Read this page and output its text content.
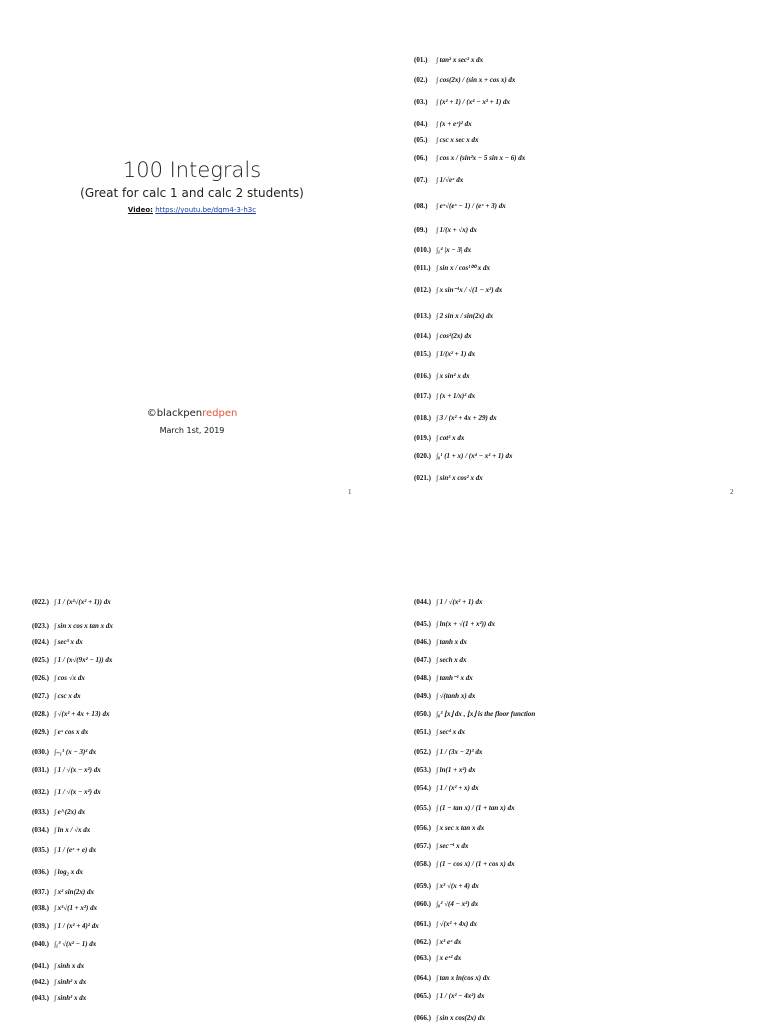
100 Integrals
(Great for calc 1 and calc 2 students)
Video: https://youtu.be/dgm4-3-h3c
©blackpenredpen
March 1st, 2019
1
(01.) ∫ tan² x sec² x dx
(02.) ∫ cos(2x) / (sin x + cos x) dx
(03.) ∫ (x² + 1) / (x⁴ − x² + 1) dx
(04.) ∫ (x + eˣ)² dx
(05.) ∫ csc x sec x dx
(06.) ∫ cos x / (sin²x − 5 sin x − 6) dx
(07.) ∫ 1/√eˣ dx
(08.) ∫ eˣ√(eˣ − 1) / (eˣ + 3) dx
(09.) ∫ 1/(x + √x) dx
(010.) ∫₁⁴ |x − 3| dx
(011.) ∫ sin x / cos¹⁰⁰ x dx
(012.) ∫ x sin⁻¹x / √(1 − x²) dx
(013.) ∫ 2 sin x / sin(2x) dx
(014.) ∫ cos²(2x) dx
(015.) ∫ 1/(x² + 1) dx
(016.) ∫ x sin² x dx
(017.) ∫ (x + 1/x)² dx
(018.) ∫ 3 / (x² + 4x + 29) dx
(019.) ∫ cot² x dx
(020.) ∫₀¹ (1 + x) / (x⁴ − x² + 1) dx
(021.) ∫ sin³ x cos² x dx
2
(022.) ∫ 1 / (x²√(x² + 1)) dx
(023.) ∫ sin x cos x tan x dx
(024.) ∫ sec³ x dx
(025.) ∫ 1 / (x√(9x² − 1)) dx
(026.) ∫ cos √x dx
(027.) ∫ csc x dx
(028.) ∫ √(x² + 4x + 13) dx
(029.) ∫ eˣ cos x dx
(030.) ∫₋₁¹ (x − 3)² dx
(031.) ∫ 1 / √(x − x²) dx
(032.) ∫ 1 / √(x − x²) dx
(033.) ∫ e^(2x) dx
(034.) ∫ ln x / √x dx
(035.) ∫ 1 / (eˣ + e) dx
(036.) ∫ log₂ x dx
(037.) ∫ x² sin(2x) dx
(038.) ∫ x³√(1 + x²) dx
(039.) ∫ 1 / (x² + 4)² dx
(040.) ∫₁³ √(x² − 1) dx
(041.) ∫ sinh x dx
(042.) ∫ sinh² x dx
(043.) ∫ sinh³ x dx
(044.) ∫ 1 / √(x² + 1) dx
(045.) ∫ ln(x + √(1 + x²)) dx
(046.) ∫ tanh x dx
(047.) ∫ sech x dx
(048.) ∫ tanh⁻¹ x dx
(049.) ∫ √(tanh x) dx
(050.) ∫₀³ ⌊x⌋ dx , ⌊x⌋ is the floor function
(051.) ∫ sec⁴ x dx
(052.) ∫ 1 / (3x − 2)³ dx
(053.) ∫ ln(1 + x²) dx
(054.) ∫ 1 / (x² + x) dx
(055.) ∫ (1 − tan x) / (1 + tan x) dx
(056.) ∫ x sec x tan x dx
(057.) ∫ sec⁻¹ x dx
(058.) ∫ (1 − cos x) / (1 + cos x) dx
(059.) ∫ x³ √(x + 4) dx
(060.) ∫₀² √(4 − x²) dx
(061.) ∫ √(x² + 4x) dx
(062.) ∫ x³ eˣ dx
(063.) ∫ x eˣ² dx
(064.) ∫ tan x ln(cos x) dx
(065.) ∫ 1 / (x² − 4x²) dx
(066.) ∫ sin x cos(2x) dx
